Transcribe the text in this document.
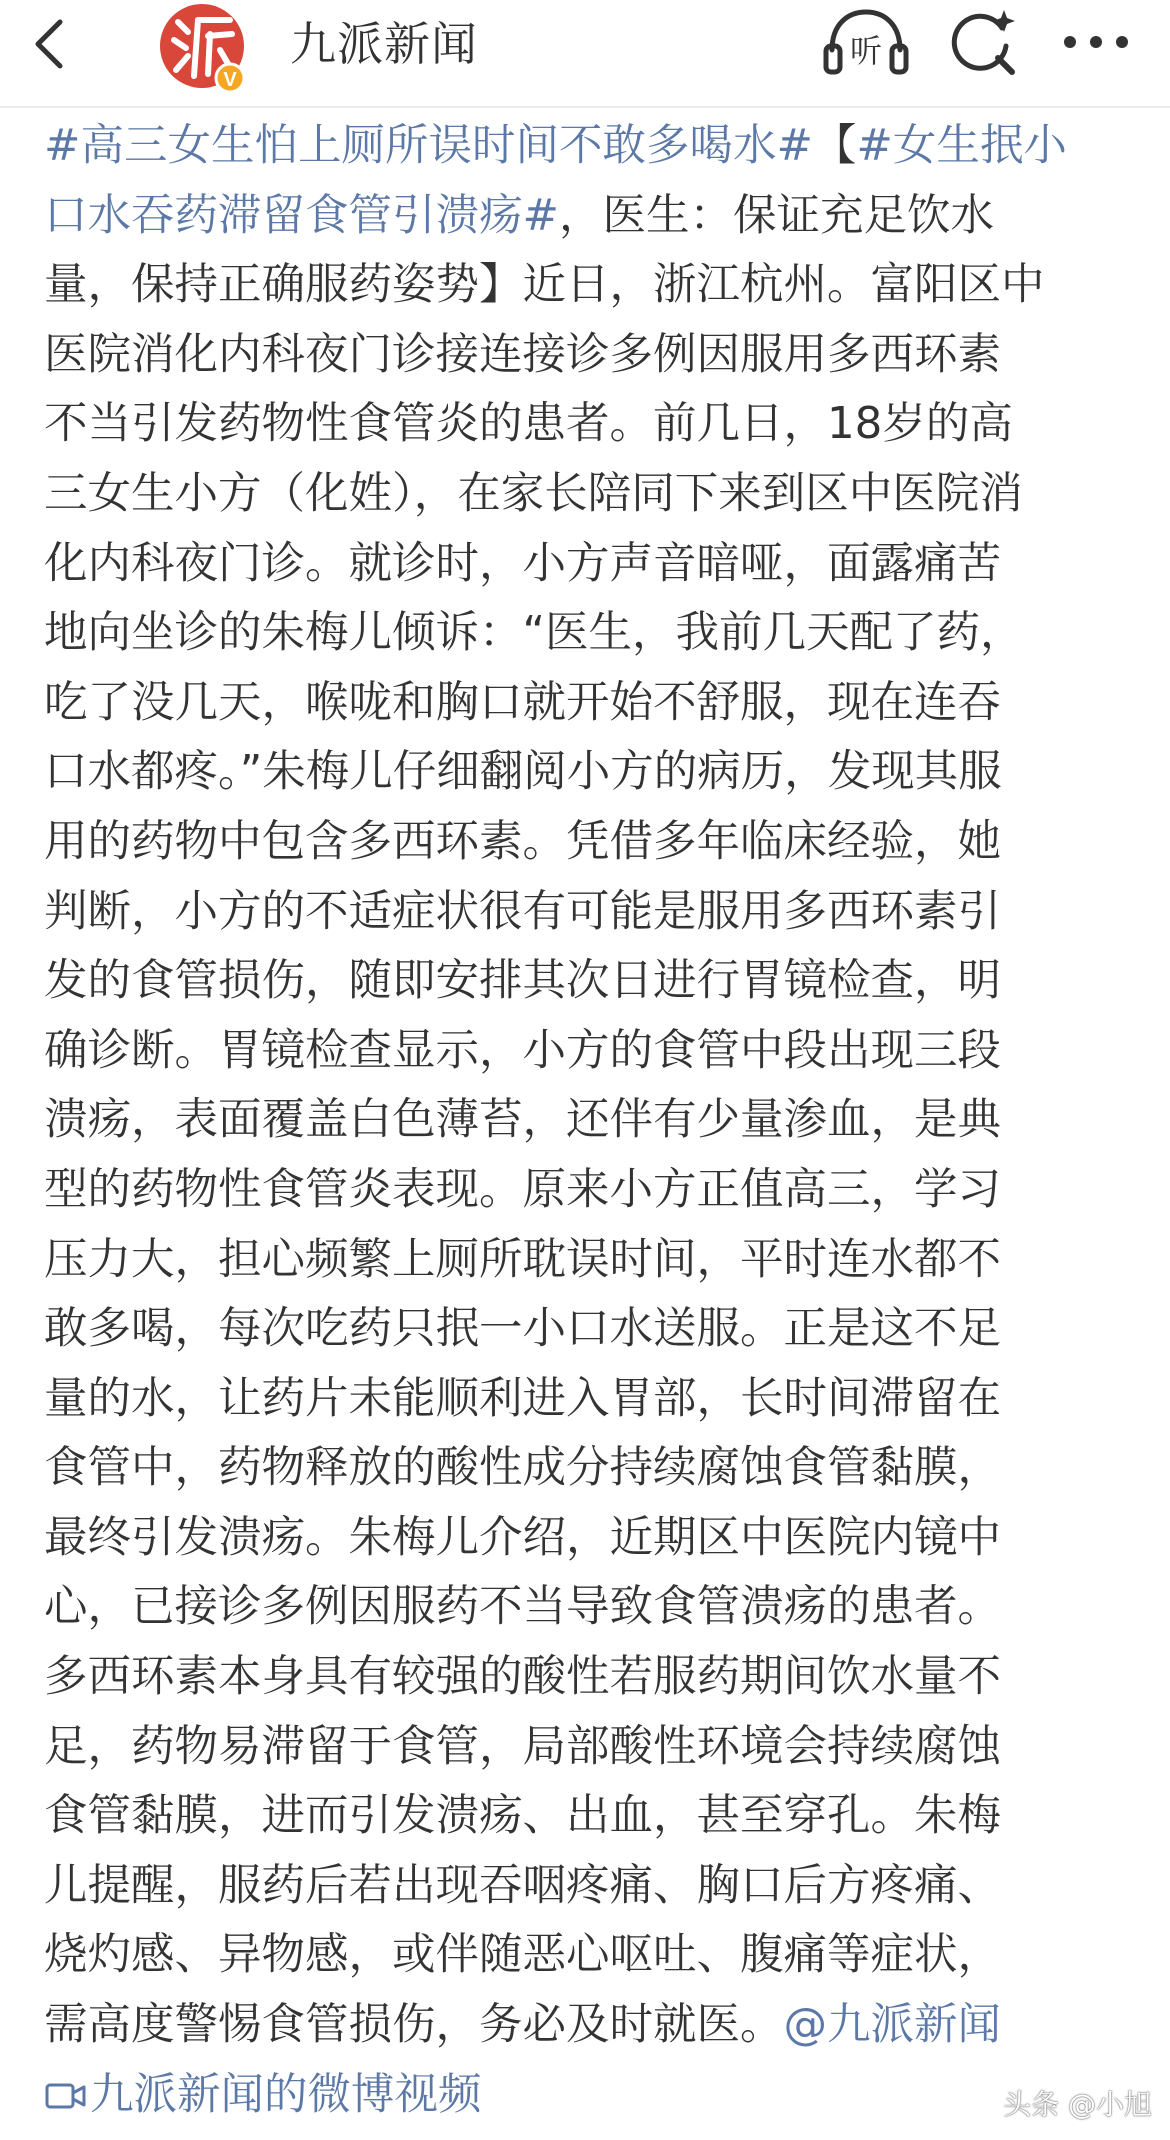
V
九派新闻	听
#高三女生怕上厕所误时间不敢多喝水#【#女生抿小
口水吞药滞留食管引溃疡#，医生：保证充足饮水
量，保持正确服药姿势】近日，浙江杭州。富阳区中
医院消化内科夜门诊接连接诊多例因服用多西环素
不当引发药物性食管炎的患者。前几日，18岁的高
三女生小方（化姓），在家长陪同下来到区中医院消
化内科夜门诊。就诊时，小方声音暗哑，面露痛苦
地向坐诊的朱梅儿倾诉：“医生，我前几天配了药，
吃了没几天，喉咙和胸口就开始不舒服，现在连吞
口水都疼。”朱梅儿仔细翻阅小方的病历，发现其服
用的药物中包含多西环素。凭借多年临床经验，她
判断，小方的不适症状很有可能是服用多西环素引
发的食管损伤，随即安排其次日进行胃镜检查，明
确诊断。胃镜检查显示，小方的食管中段出现三段
溃疡，表面覆盖白色薄苔，还伴有少量渗血，是典
型的药物性食管炎表现。原来小方正值高三，学习
压力大，担心频繁上厕所耽误时间，平时连水都不
敢多喝，每次吃药只抿一小口水送服。正是这不足
量的水，让药片未能顺利进入胃部，长时间滞留在
食管中，药物释放的酸性成分持续腐蚀食管黏膜，
最终引发溃疡。朱梅儿介绍，近期区中医院内镜中
心，已接诊多例因服药不当导致食管溃疡的患者。
多西环素本身具有较强的酸性若服药期间饮水量不
足，药物易滞留于食管，局部酸性环境会持续腐蚀
食管黏膜，进而引发溃疡、出血，甚至穿孔。朱梅
儿提醒，服药后若出现吞咽疼痛、胸口后方疼痛、
烧灼感、异物感，或伴随恶心呕吐、腹痛等症状，
需高度警惕食管损伤，务必及时就医。@九派新闻
九派新闻的微博视频	头条 @小旭
